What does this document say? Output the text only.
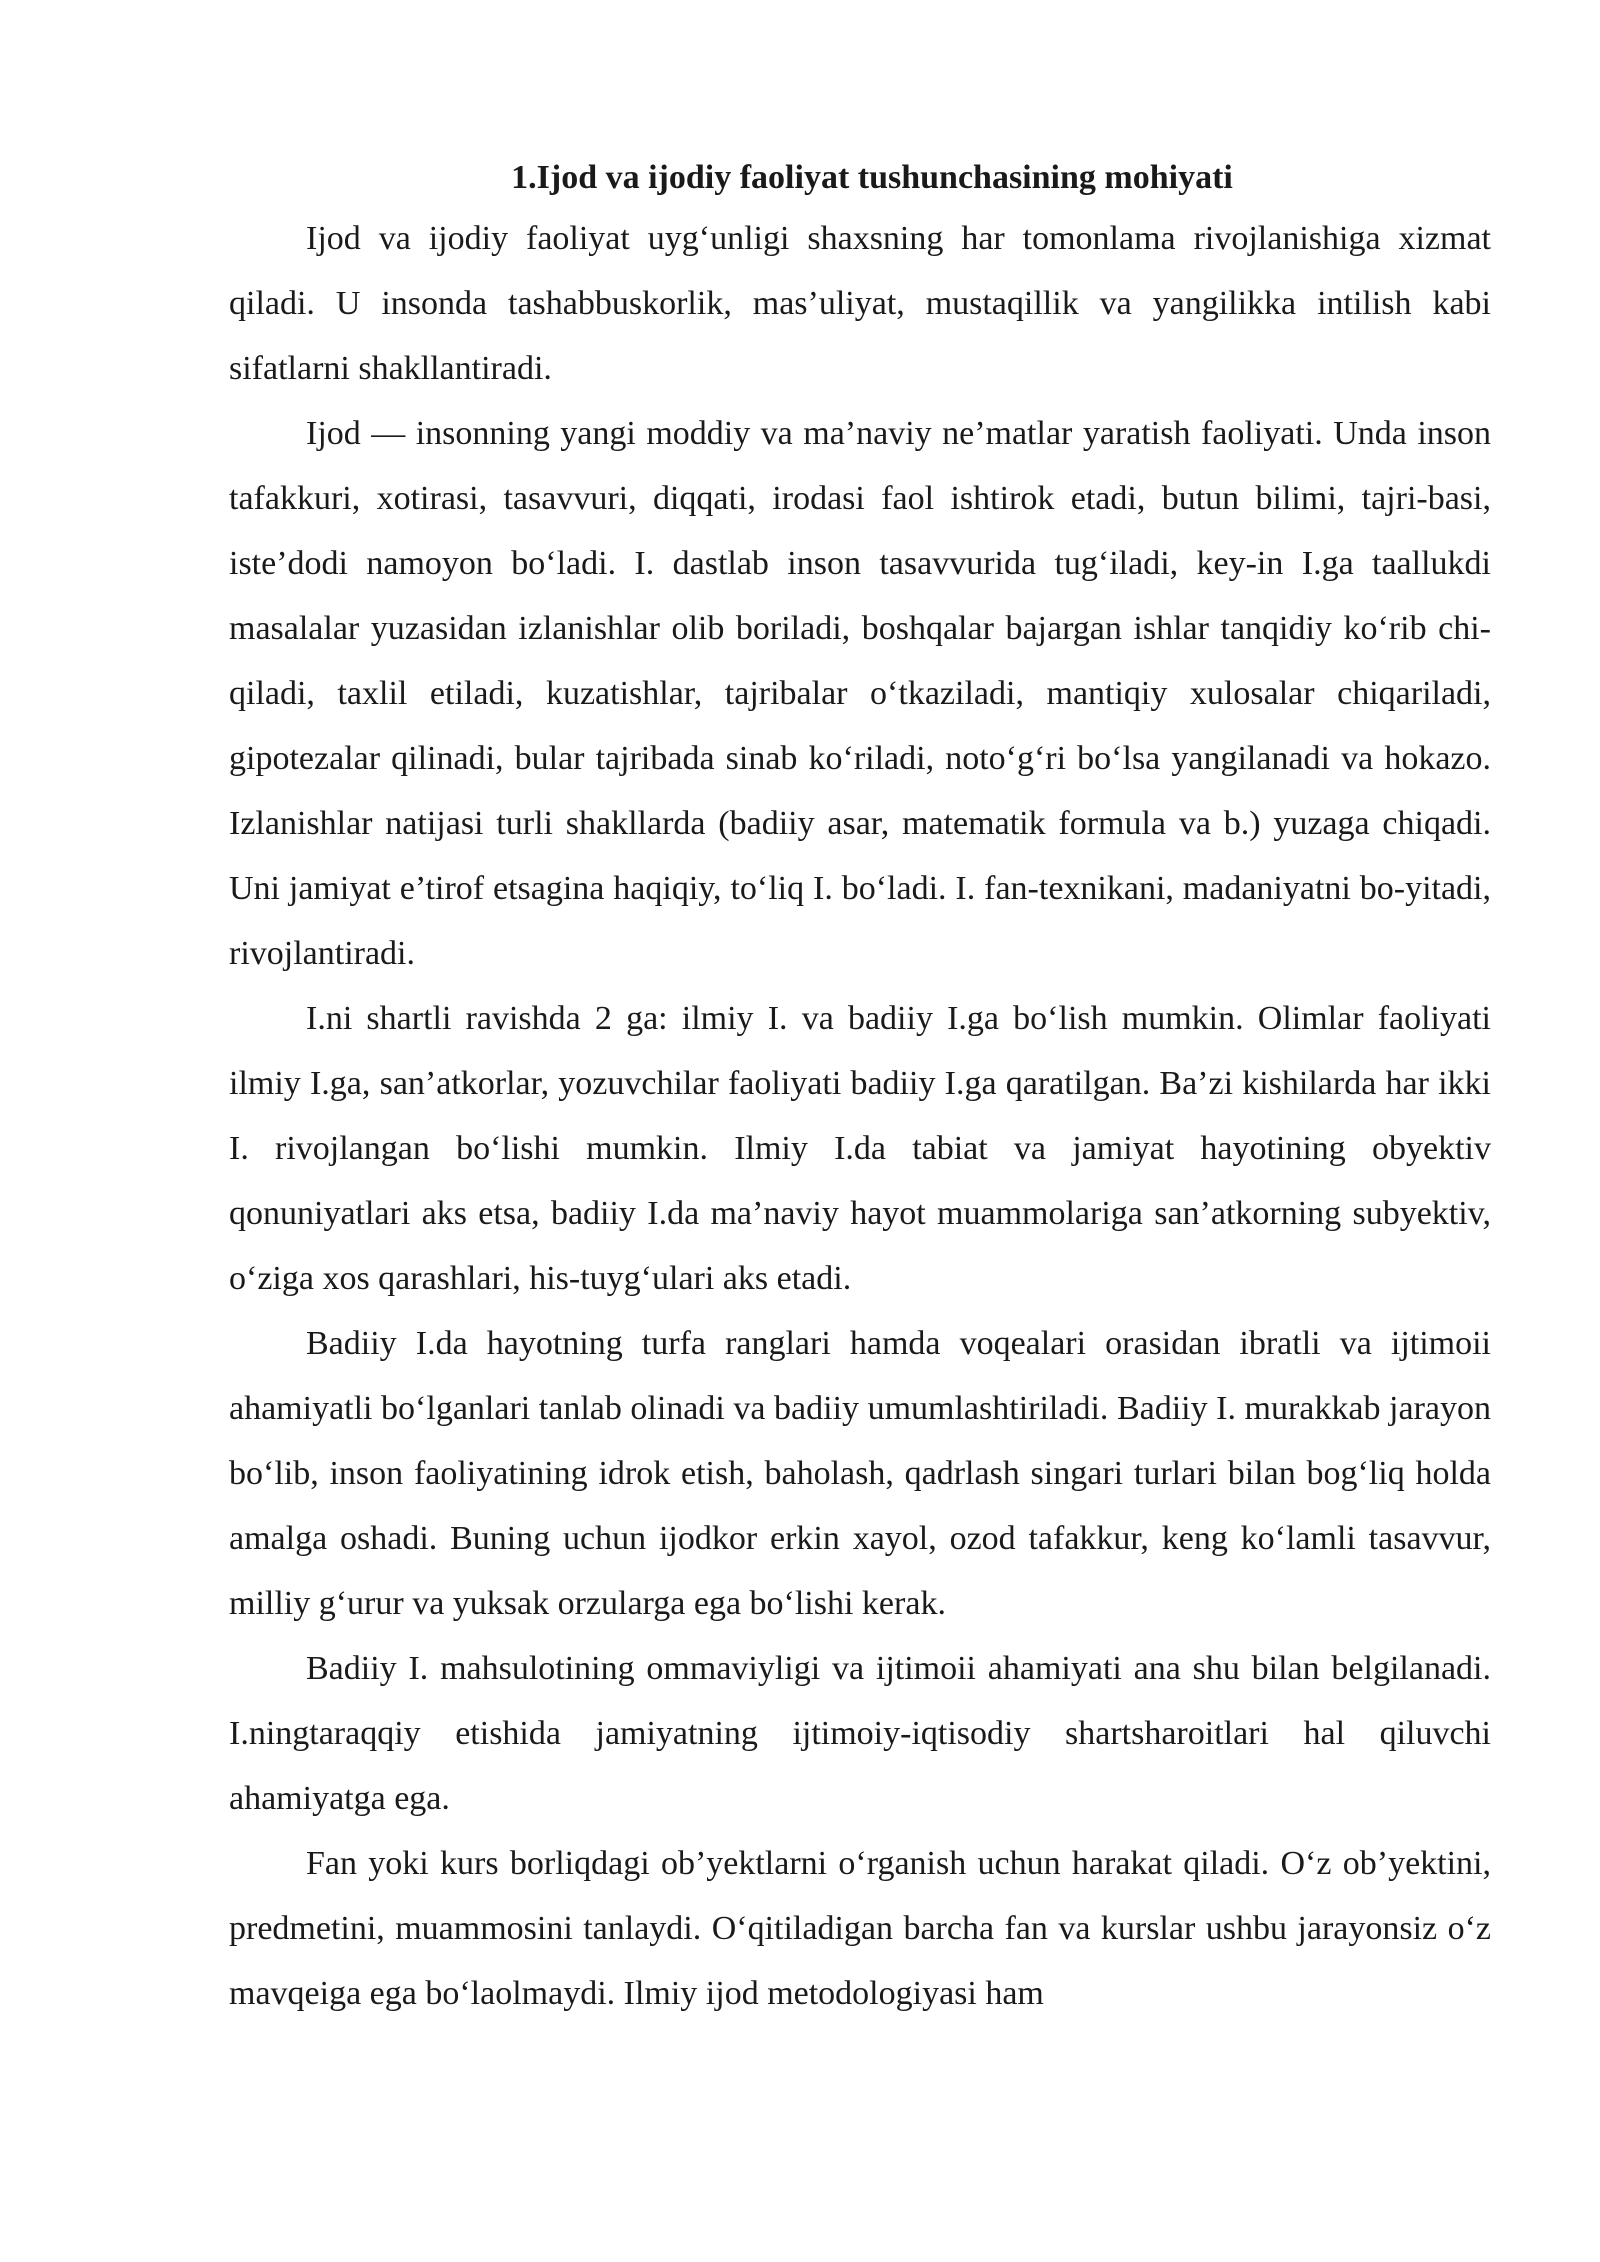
1.Ijod va ijodiy faoliyat tushunchasining mohiyati

Ijod va ijodiy faoliyat uyg‘unligi shaxsning har tomonlama rivojlanishiga xizmat qiladi. U insonda tashabbuskorlik, mas’uliyat, mustaqillik va yangilikka intilish kabi sifatlarni shakllantiradi.

Ijod — insonning yangi moddiy va ma’naviy ne’matlar yaratish faoliyati. Unda inson tafakkuri, xotirasi, tasavvuri, diqqati, irodasi faol ishtirok etadi, butun bilimi, tajri-basi, iste’dodi namoyon bo‘ladi. I. dastlab inson tasavvurida tug‘iladi, key-in I.ga taallukdi masalalar yuzasidan izlanishlar olib boriladi, boshqalar bajargan ishlar tanqidiy ko‘rib chi-qiladi, taxlil etiladi, kuzatishlar, tajribalar o‘tkaziladi, mantiqiy xulosalar chiqariladi, gipotezalar qilinadi, bular tajribada sinab ko‘riladi, noto‘g‘ri bo‘lsa yangilanadi va hokazo. Izlanishlar natijasi turli shakllarda (badiiy asar, matematik formula va b.) yuzaga chiqadi. Uni jamiyat e’tirof etsagina haqiqiy, to‘liq I. bo‘ladi. I. fan-texnikani, madaniyatni bo-yitadi, rivojlantiradi.

I.ni shartli ravishda 2 ga: ilmiy I. va badiiy I.ga bo‘lish mumkin. Olimlar faoliyati ilmiy I.ga, san’atkorlar, yozuvchilar faoliyati badiiy I.ga qaratilgan. Ba’zi kishilarda har ikki I. rivojlangan bo‘lishi mumkin. Ilmiy I.da tabiat va jamiyat hayotining obyektiv qonuniyatlari aks etsa, badiiy I.da ma’naviy hayot muammolariga san’atkorning subyektiv, o‘ziga xos qarashlari, his-tuyg‘ulari aks etadi.

Badiiy I.da hayotning turfa ranglari hamda voqealari orasidan ibratli va ijtimoii ahamiyatli bo‘lganlari tanlab olinadi va badiiy umumlashtiriladi. Badiiy I. murakkab jarayon bo‘lib, inson faoliyatining idrok etish, baholash, qadrlash singari turlari bilan bog‘liq holda amalga oshadi. Buning uchun ijodkor erkin xayol, ozod tafakkur, keng ko‘lamli tasavvur, milliy g‘urur va yuksak orzularga ega bo‘lishi kerak.

Badiiy I. mahsulotining ommaviyligi va ijtimoii ahamiyati ana shu bilan belgilanadi. I.ningtaraqqiy etishida jamiyatning ijtimoiy-iqtisodiy shartsharoitlari hal qiluvchi ahamiyatga ega.

Fan yoki kurs borliqdagi ob’yektlarni o‘rganish uchun harakat qiladi. O‘z ob’yektini, predmetini, muammosini tanlaydi. O‘qitiladigan barcha fan va kurslar ushbu jarayonsiz o‘z mavqeiga ega bo‘laolmaydi. Ilmiy ijod metodologiyasi ham
